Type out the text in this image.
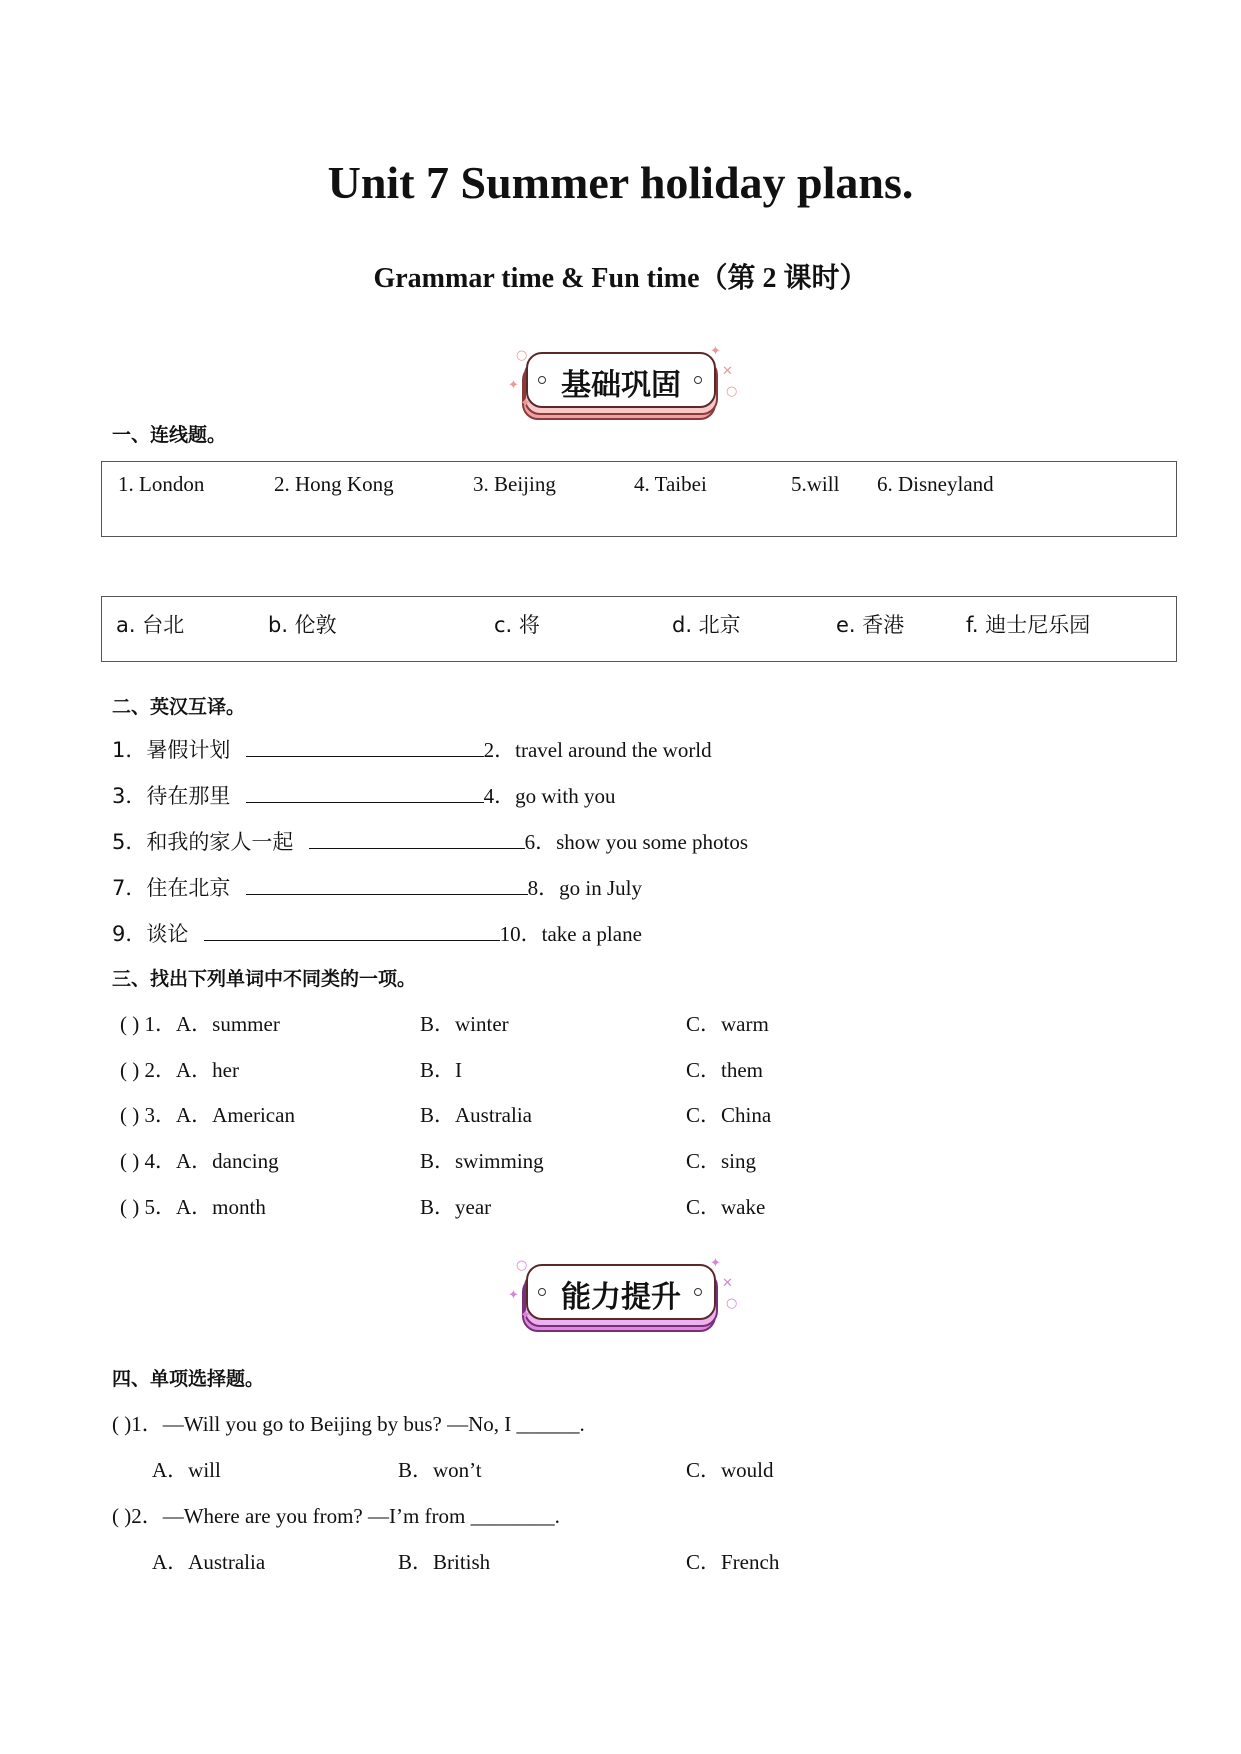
Unit 7 Summer holiday plans.
Grammar time & Fun time（第 2 课时）
基础巩固
○
✦
✦
✦
✕
○
一、连线题。
1. London	2. Hong Kong	3. Beijing	4. Taibei	5.will 6. Disneyland
a. 台北	b. 伦敦	c. 将	d. 北京	e. 香港	f. 迪士尼乐园
二、英汉互译。
1．暑假计划	2．travel around the world
3．待在那里	4．go with you
5．和我的家人一起	6．show you some photos
7．住在北京	8．go in July
9．谈论	10．take a plane
三、找出下列单词中不同类的一项。
( ) 1．A．summer	B．winter	C．warm
( ) 2．A．her	B．I	C．them
( ) 3．A．American	B．Australia	C．China
( ) 4．A．dancing	B．swimming	C．sing
( ) 5．A．month	B．year	C．wake
能力提升
○
✦
✦
✦
✕
○
四、单项选择题。
( )1．—Will you go to Beijing by bus? —No, I ______.
A．will	B．won’t	C．would
( )2．—Where are you from? —I’m from ________.
A．Australia	B．British	C．French
